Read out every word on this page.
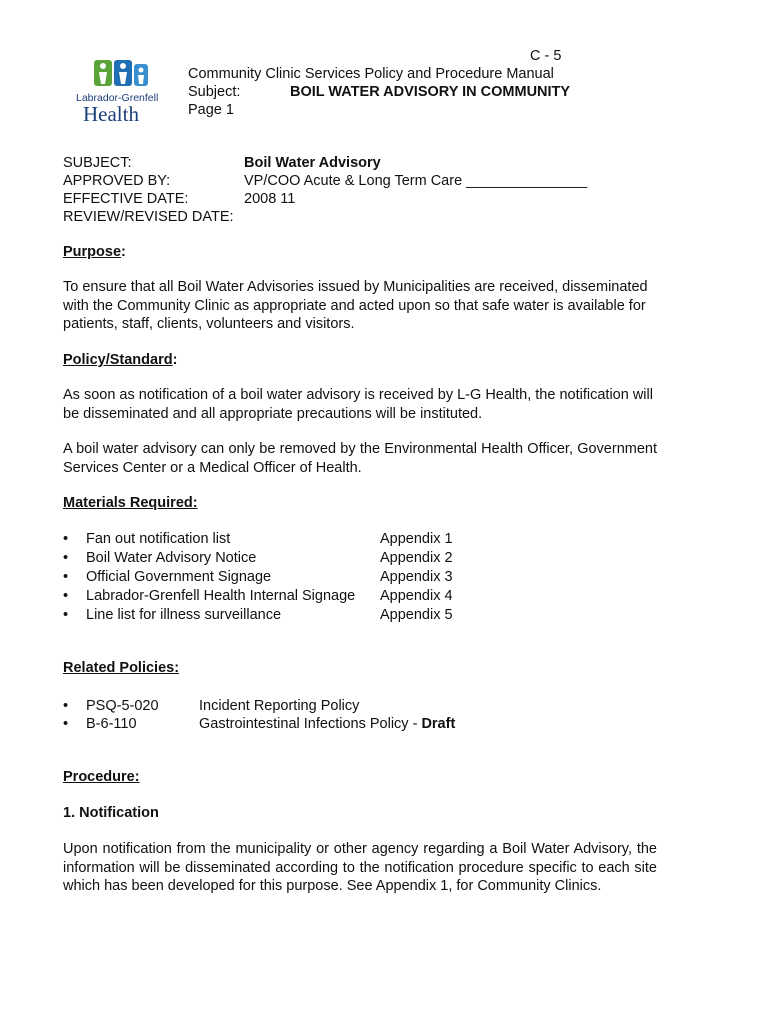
Labrador-Grenfell
Health
C - 5
Community Clinic Services Policy and Procedure Manual
Subject:	BOIL WATER ADVISORY IN COMMUNITY
Page 1
SUBJECT:	Boil Water Advisory
APPROVED BY:	VP/COO Acute & Long Term Care _______________
EFFECTIVE DATE:	2008 11
REVIEW/REVISED DATE:
Purpose:
To ensure that all Boil Water Advisories issued by Municipalities are received, disseminated with the Community Clinic as appropriate and acted upon so that safe water is available for patients, staff, clients, volunteers and visitors.
Policy/Standard:
As soon as notification of a boil water advisory is received by L-G Health, the notification will be disseminated and all appropriate precautions will be instituted.
A boil water advisory can only be removed by the Environmental Health Officer, Government Services Center or a Medical Officer of Health.
Materials Required:
• Fan out notification list	Appendix 1
• Boil Water Advisory Notice	Appendix 2
• Official Government Signage	Appendix 3
• Labrador-Grenfell Health Internal Signage Appendix 4
• Line list for illness surveillance	Appendix 5
Related Policies:
• PSQ-5-020	Incident Reporting Policy
• B-6-110	Gastrointestinal Infections Policy - Draft
Procedure:
1. Notification
Upon notification from the municipality or other agency regarding a Boil Water Advisory, the information will be disseminated according to the notification procedure specific to each site which has been developed for this purpose. See Appendix 1, for Community Clinics.
